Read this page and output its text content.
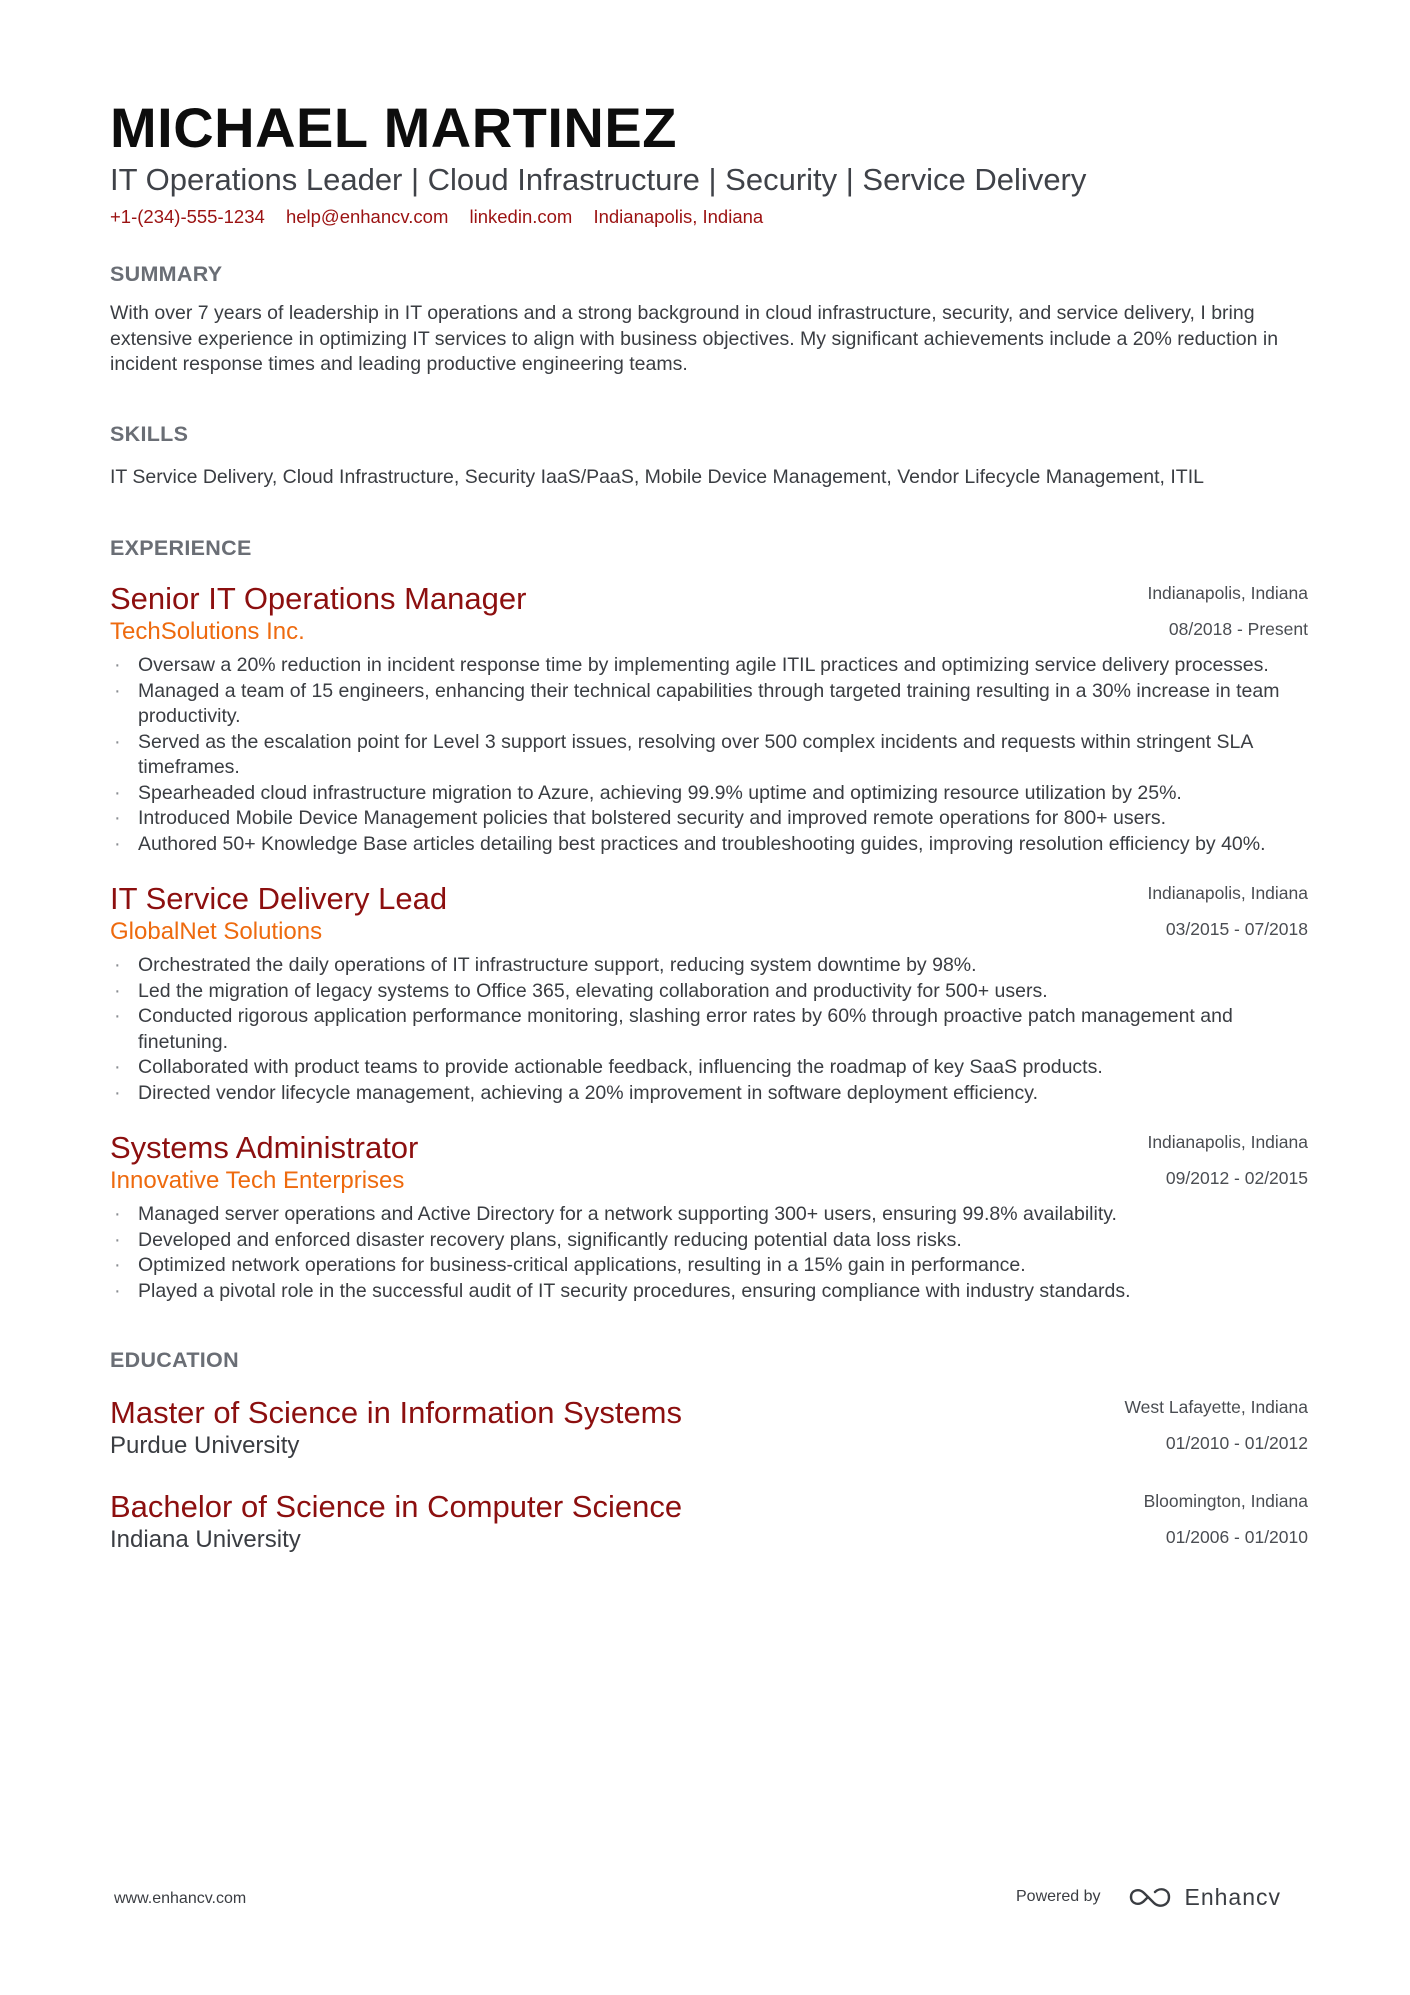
MICHAEL MARTINEZ
IT Operations Leader | Cloud Infrastructure | Security | Service Delivery
+1-(234)-555-1234 help@enhancv.com linkedin.com Indianapolis, Indiana
SUMMARY
With over 7 years of leadership in IT operations and a strong background in cloud infrastructure, security, and service delivery, I bring extensive experience in optimizing IT services to align with business objectives. My significant achievements include a 20% reduction in incident response times and leading productive engineering teams.
SKILLS
IT Service Delivery, Cloud Infrastructure, Security IaaS/PaaS, Mobile Device Management, Vendor Lifecycle Management, ITIL
EXPERIENCE
Indianapolis, Indiana
08/2018 - Present
Senior IT Operations Manager
TechSolutions Inc.
· Oversaw a 20% reduction in incident response time by implementing agile ITIL practices and optimizing service delivery processes.
· Managed a team of 15 engineers, enhancing their technical capabilities through targeted training resulting in a 30% increase in team productivity.
· Served as the escalation point for Level 3 support issues, resolving over 500 complex incidents and requests within stringent SLA timeframes.
· Spearheaded cloud infrastructure migration to Azure, achieving 99.9% uptime and optimizing resource utilization by 25%.
· Introduced Mobile Device Management policies that bolstered security and improved remote operations for 800+ users.
· Authored 50+ Knowledge Base articles detailing best practices and troubleshooting guides, improving resolution efficiency by 40%.
Indianapolis, Indiana
03/2015 - 07/2018
IT Service Delivery Lead
GlobalNet Solutions
· Orchestrated the daily operations of IT infrastructure support, reducing system downtime by 98%.
· Led the migration of legacy systems to Office 365, elevating collaboration and productivity for 500+ users.
· Conducted rigorous application performance monitoring, slashing error rates by 60% through proactive patch management and finetuning.
· Collaborated with product teams to provide actionable feedback, influencing the roadmap of key SaaS products.
· Directed vendor lifecycle management, achieving a 20% improvement in software deployment efficiency.
Indianapolis, Indiana
09/2012 - 02/2015
Systems Administrator
Innovative Tech Enterprises
· Managed server operations and Active Directory for a network supporting 300+ users, ensuring 99.8% availability.
· Developed and enforced disaster recovery plans, significantly reducing potential data loss risks.
· Optimized network operations for business-critical applications, resulting in a 15% gain in performance.
· Played a pivotal role in the successful audit of IT security procedures, ensuring compliance with industry standards.
EDUCATION
West Lafayette, Indiana
01/2010 - 01/2012
Master of Science in Information Systems
Purdue University
Bloomington, Indiana
01/2006 - 01/2010
Bachelor of Science in Computer Science
Indiana University
www.enhancv.com	Powered by	Enhancv
